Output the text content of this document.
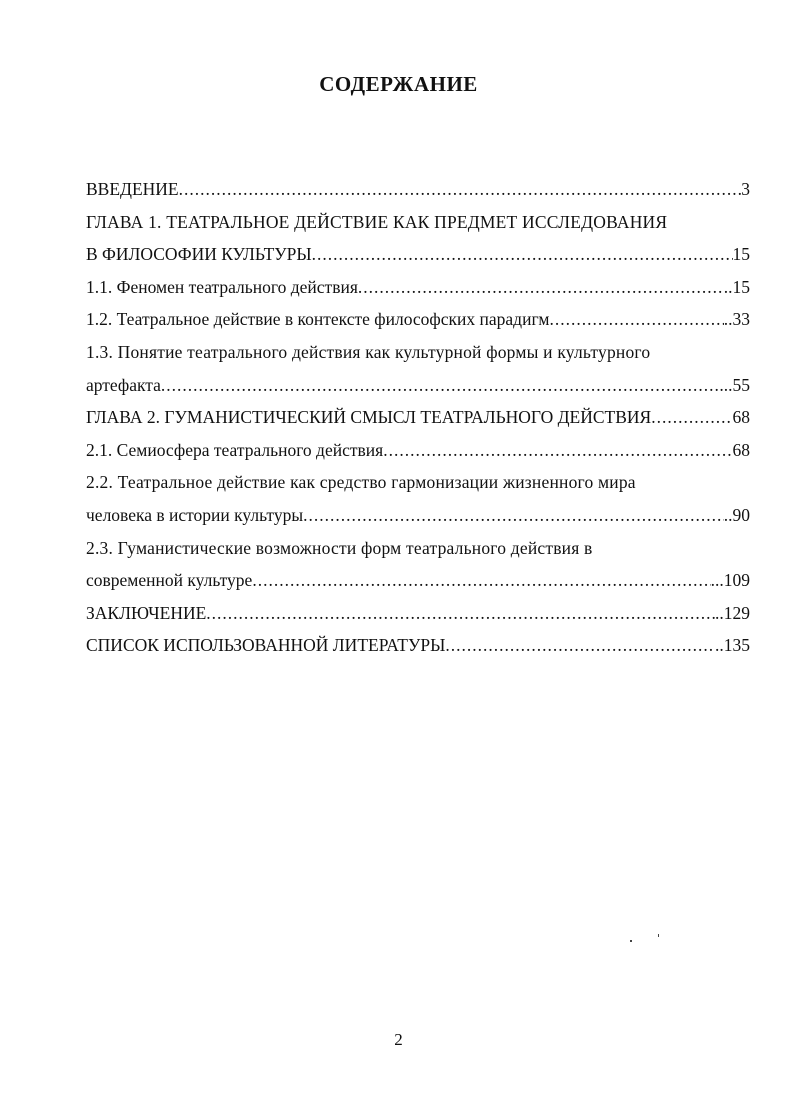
СОДЕРЖАНИЕ
ВВЕДЕНИЕ .....	3
ГЛАВА 1. ТЕАТРАЛЬНОЕ ДЕЙСТВИЕ КАК ПРЕДМЕТ ИССЛЕДОВАНИЯ
В ФИЛОСОФИИ КУЛЬТУРЫ .....	15
1.1. Феномен театрального действия .....	..15
1.2. Театральное действие в контексте философских парадигм .....	..33
1.3. Понятие театрального действия как культурной формы и культурного
артефакта .....	...55
ГЛАВА 2. ГУМАНИСТИЧЕСКИЙ СМЫСЛ ТЕАТРАЛЬНОГО ДЕЙСТВИЯ .....	68
2.1. Семиосфера театрального действия .....	68
2.2. Театральное действие как средство гармонизации жизненного мира
человека в истории культуры .....	..90
2.3. Гуманистические возможности форм театрального действия в
современной культуре .....	...109
ЗАКЛЮЧЕНИЕ .....	..129
СПИСОК ИСПОЛЬЗОВАННОЙ ЛИТЕРАТУРЫ .....	..135
2
